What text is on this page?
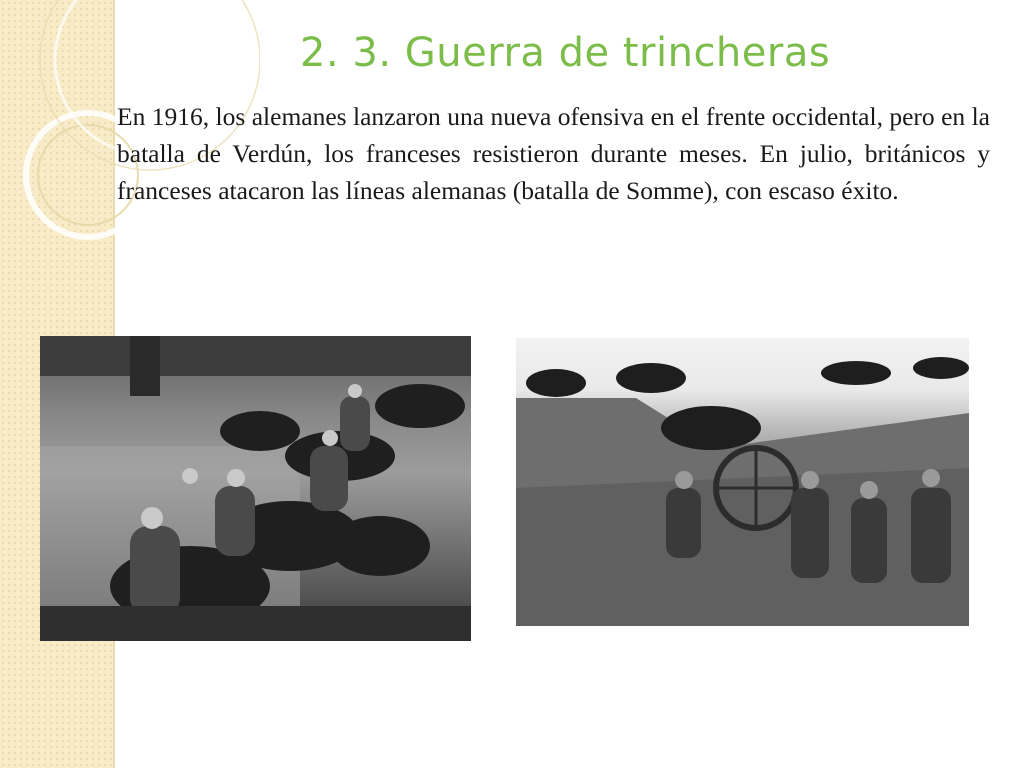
2. 3. Guerra de trincheras

En 1916, los alemanes lanzaron una nueva ofensiva en el frente occidental, pero en la batalla de Verdún, los franceses resistieron durante meses. En julio, británicos y franceses atacaron las líneas alemanas (batalla de Somme), con escaso éxito.
